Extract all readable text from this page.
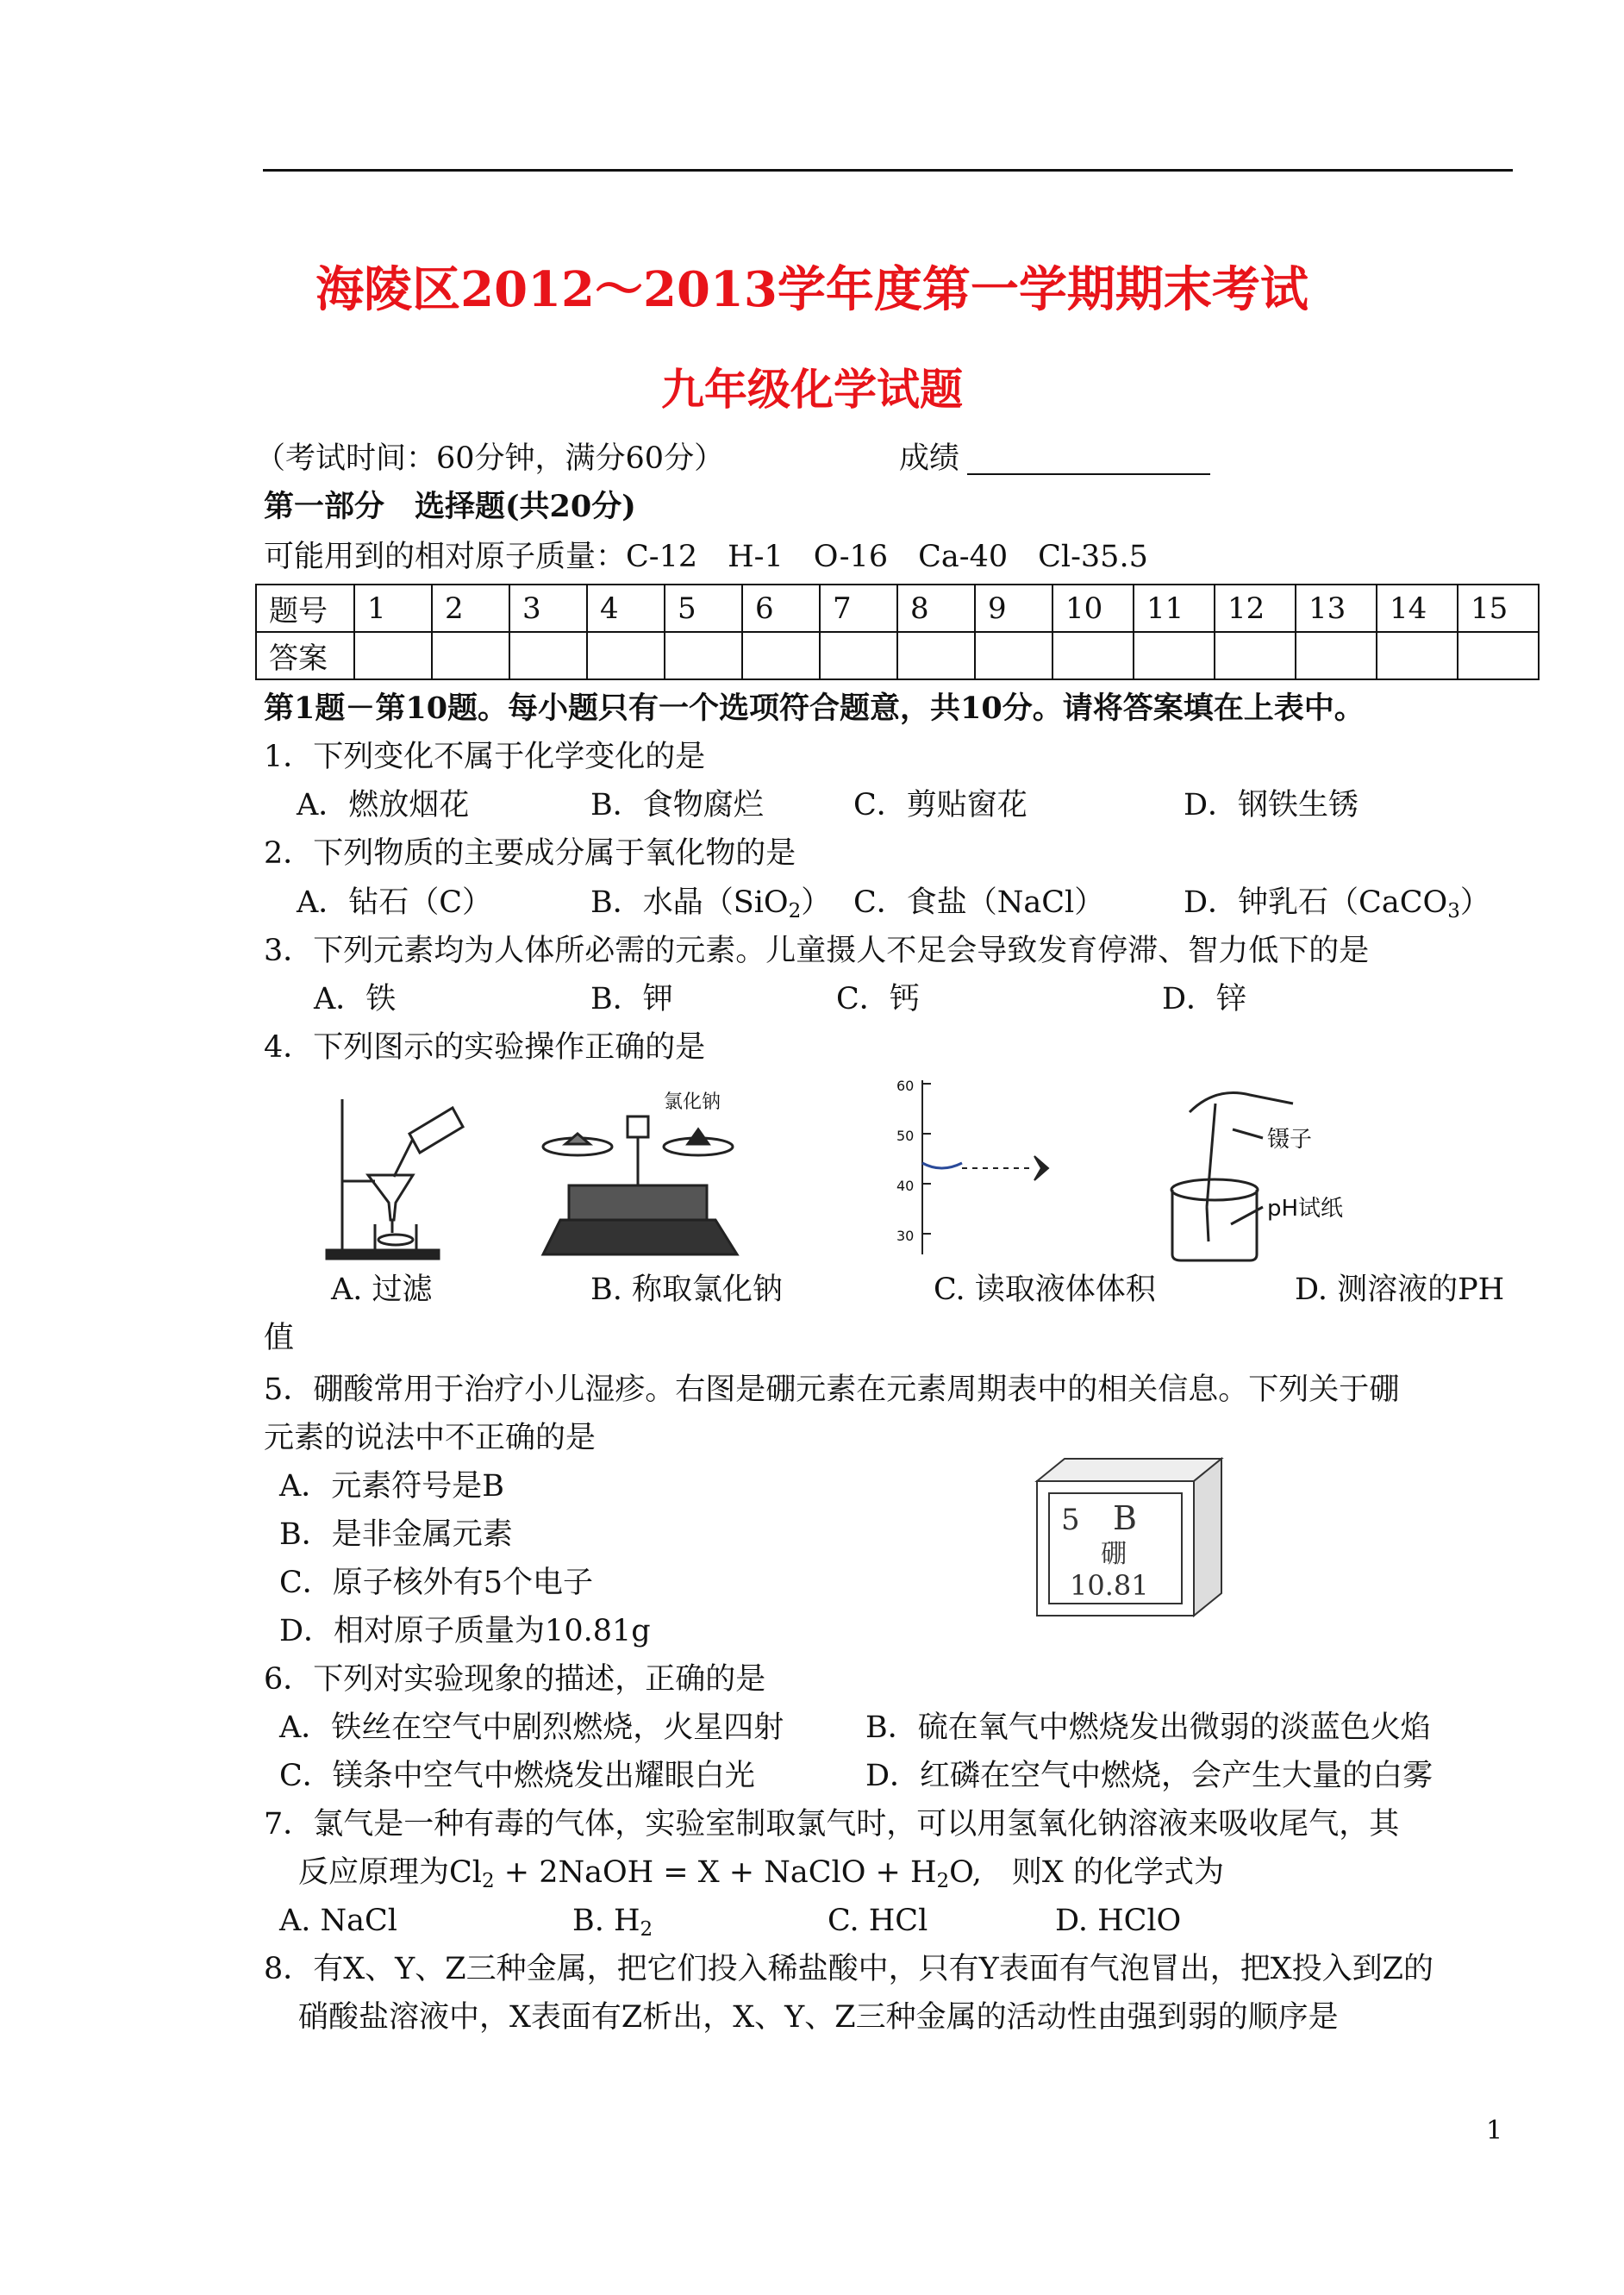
海陵区2012～2013学年度第一学期期末考试
九年级化学试题
（考试时间：60分钟，满分60分）	成绩
第一部分　选择题(共20分)
可能用到的相对原子质量：C-12　H-1　O-16　Ca-40　Cl-35.5
题号	1	2	3	4	5	6	7	8	9	10	11	12	13	14	15
答案															
第1题－第10题。每小题只有一个选项符合题意，共10分。请将答案填在上表中。
1．下列变化不属于化学变化的是
A．燃放烟花	B．食物腐烂	C．剪贴窗花	D．钢铁生锈
2．下列物质的主要成分属于氧化物的是
A．钻石（C）	B．水晶（SiO$_2$） C．食盐（NaCl）	D．钟乳石（CaCO$_3$）
3．下列元素均为人体所必需的元素。儿童摄人不足会导致发育停滞、智力低下的是
A．铁	B．钾	C．钙	D．锌
4．下列图示的实验操作正确的是
氯化钠
60
50
40
30
镊子
pH试纸
A. 过滤	B. 称取氯化钠	C. 读取液体体积	D. 测溶液的PH
值
5．硼酸常用于治疗小儿湿疹。右图是硼元素在元素周期表中的相关信息。下列关于硼
元素的说法中不正确的是
A．元素符号是B
B．是非金属元素
C．原子核外有5个电子
D．相对原子质量为10.81g
5 B
硼
10.81
6．下列对实验现象的描述，正确的是
A．铁丝在空气中剧烈燃烧，火星四射	B．硫在氧气中燃烧发出微弱的淡蓝色火焰
C．镁条中空气中燃烧发出耀眼白光	D．红磷在空气中燃烧，会产生大量的白雾
7．氯气是一种有毒的气体，实验室制取氯气时，可以用氢氧化钠溶液来吸收尾气，其
反应原理为$Cl_2$ + 2NaOH = X + NaClO + $H_2O$,　则X 的化学式为
A. NaCl	B. $H_2$	C. HCl	D. HClO
8．有X、Y、Z三种金属，把它们投入稀盐酸中，只有Y表面有气泡冒出，把X投入到Z的
硝酸盐溶液中，X表面有Z析出，X、Y、Z三种金属的活动性由强到弱的顺序是
1
